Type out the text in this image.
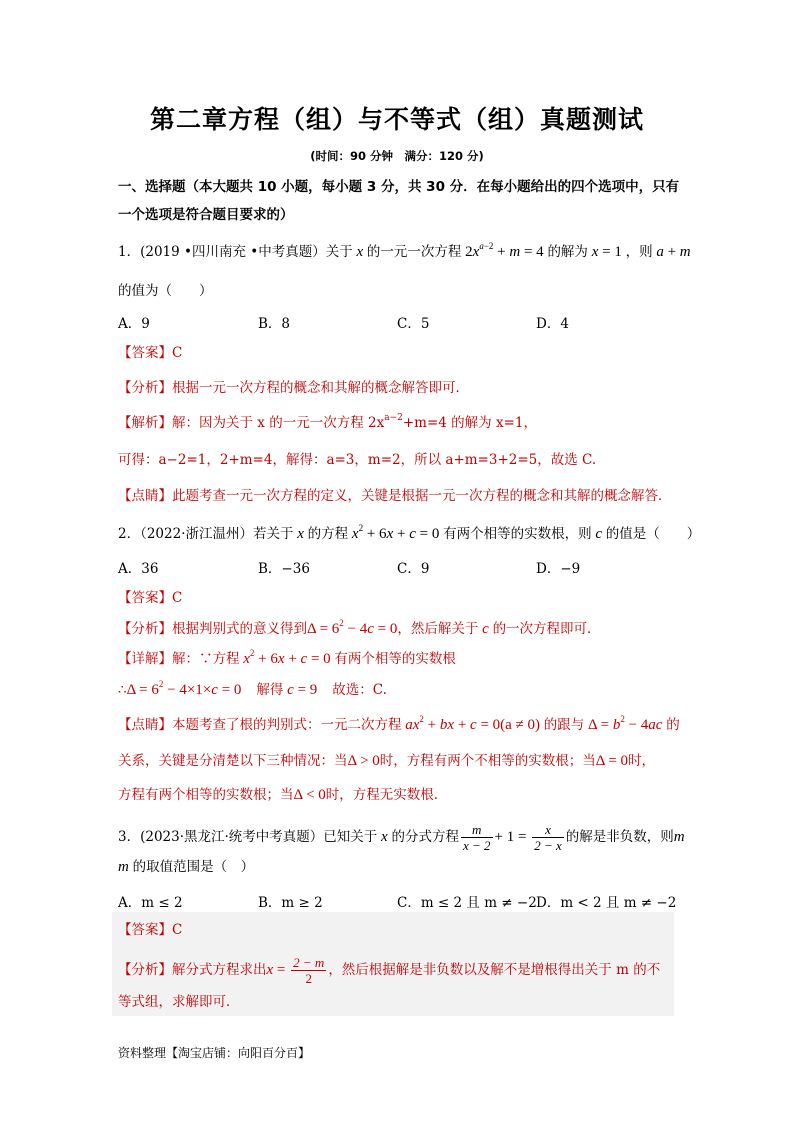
第二章方程（组）与不等式（组）真题测试
(时间：90 分钟　满分：120 分)
一、选择题（本大题共 10 小题，每小题 3 分，共 30 分．在每小题给出的四个选项中，只有
一个选项是符合题目要求的）
1．(2019 •四川南充 •中考真题）关于 x 的一元一次方程 $2x^{a-2} + m = 4$ 的解为 x = 1 ，则 a + m
的值为（　　）
A．9	B．8	C．5	D．4
【答案】C
【分析】根据一元一次方程的概念和其解的概念解答即可．
【解析】解：因为关于 x 的一元一次方程 $2x^{a-2}+m=4$ 的解为 x=1，
可得：a−2=1，2+m=4，解得：a=3，m=2，所以 a+m=3+2=5，故选 C.
【点睛】此题考查一元一次方程的定义，关键是根据一元一次方程的概念和其解的概念解答．
2．（2022·浙江温州）若关于 x 的方程 $x^2 + 6x + c = 0$ 有两个相等的实数根，则 c 的值是（　　）
A．36	B．−36	C．9	D．−9
【答案】C
【分析】根据判别式的意义得到$\Delta = 6^2 - 4c = 0$，然后解关于 c 的一次方程即可．
【详解】解：∵方程 $x^2 + 6x + c = 0$ 有两个相等的实数根
∴Δ = $6^2 - 4\times 1\times c = 0$　解得 c = 9　故选：C.
【点睛】本题考查了根的判别式：一元二次方程 $ax^2$ + bx + c = 0(a ≠ 0) 的跟与 $\Delta = b^2 - 4ac$ 的
关系，关键是分清楚以下三种情况：当Δ > 0时，方程有两个不相等的实数根；当Δ = 0时，
方程有两个相等的实数根；当Δ < 0时，方程无实数根．
3．(2023·黑龙江·统考中考真题）已知关于 x 的分式方程 $\frac{m}{x - 2} + 1 = \frac{x}{2 - x}$ 的解是非负数，则m
m 的取值范围是（　）
A．m ≤ 2	B．m ≥ 2	C．m ≤ 2 且 m ≠ −2 D．m < 2 且 m ≠ −2
【答案】C
【分析】解分式方程求出$x = \frac{2 - m}{2}$ ，然后根据解是非负数以及解不是增根得出关于 m 的不
等式组，求解即可．
资料整理【淘宝店铺：向阳百分百】
